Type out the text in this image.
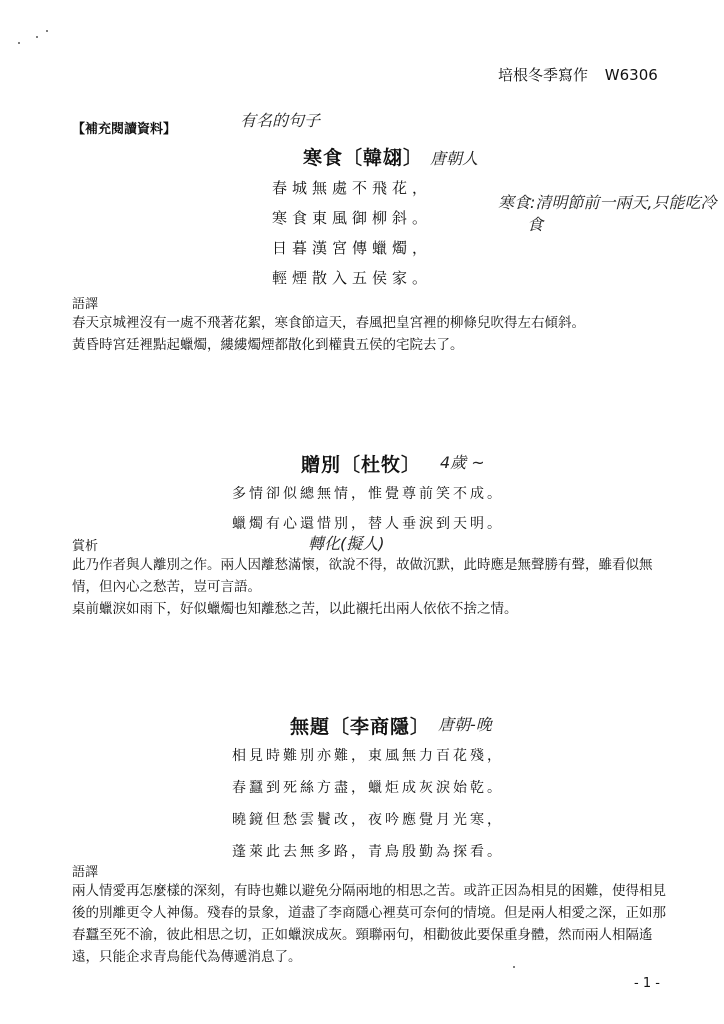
培根冬季寫作 W6306
【補充閱讀資料】	有名的句子
寒食〔韓翃〕 唐朝人
寒食:清明節前一兩天,只能吃冷
食
春城無處不飛花，
寒食東風御柳斜。
日暮漢宮傳蠟燭，
輕煙散入五侯家。
語譯
春天京城裡沒有一處不飛著花絮，寒食節這天，春風把皇宮裡的柳條兒吹得左右傾斜。
黃昏時宮廷裡點起蠟燭，縷縷燭煙都散化到權貴五侯的宅院去了。
贈別〔杜牧〕 4歲 ~
多情卻似總無情，惟覺尊前笑不成。
蠟燭有心還惜別，替人垂淚到天明。
轉化(擬人)
賞析
此乃作者與人離別之作。兩人因離愁滿懷，欲說不得，故做沉默，此時應是無聲勝有聲，雖看似無情，但內心之愁苦，豈可言語。
桌前蠟淚如雨下，好似蠟燭也知離愁之苦，以此襯托出兩人依依不捨之情。
無題〔李商隱〕 唐朝-晚
相見時難別亦難，東風無力百花殘，
春蠶到死絲方盡，蠟炬成灰淚始乾。
曉鏡但愁雲鬢改，夜吟應覺月光寒，
蓬萊此去無多路，青鳥殷勤為探看。
語譯
兩人情愛再怎麼樣的深刻，有時也難以避免分隔兩地的相思之苦。或許正因為相見的困難，使得相見後的別離更令人神傷。殘春的景象，道盡了李商隱心裡莫可奈何的情境。但是兩人相愛之深，正如那春蠶至死不渝，彼此相思之切，正如蠟淚成灰。頸聯兩句，相勸彼此要保重身體，然而兩人相隔遙遠，只能企求青鳥能代為傳遞消息了。
- 1 -
